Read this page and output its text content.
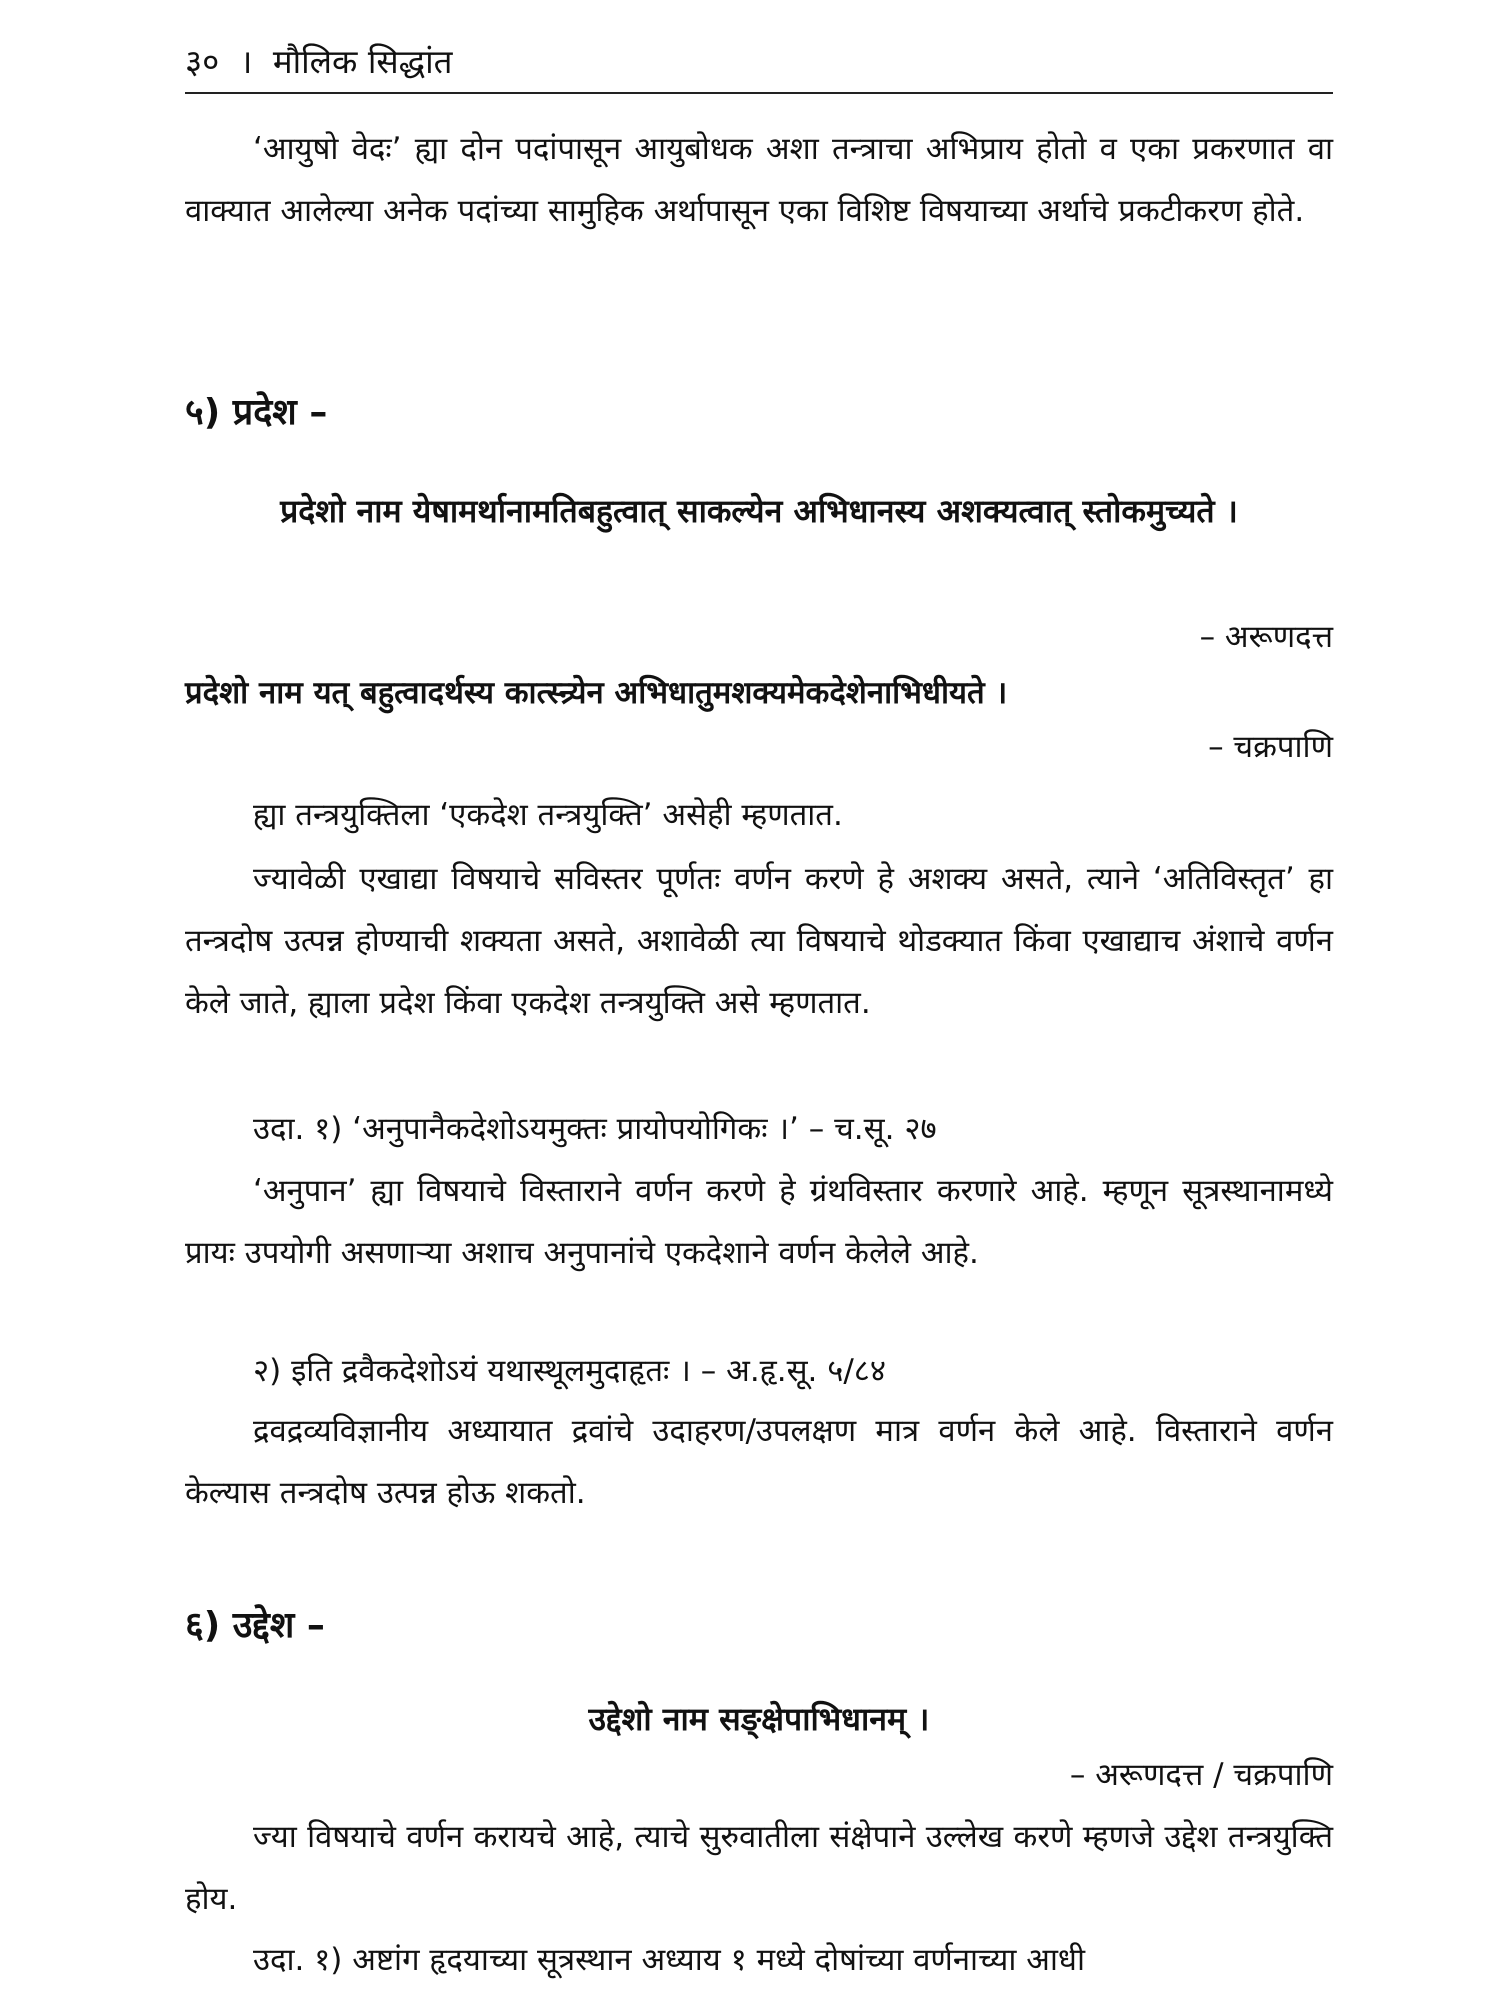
३० । मौलिक सिद्धांत
‘आयुषो वेदः’ ह्या दोन पदांपासून आयुबोधक अशा तन्त्राचा अभिप्राय होतो व एका प्रकरणात वा वाक्यात आलेल्या अनेक पदांच्या सामुहिक अर्थापासून एका विशिष्ट विषयाच्या अर्थाचे प्रकटीकरण होते.
५) प्रदेश –
प्रदेशो नाम येषामर्थानामतिबहुत्वात् साकल्येन अभिधानस्य अशक्यत्वात् स्तोकमुच्यते ।
– अरूणदत्त
प्रदेशो नाम यत् बहुत्वादर्थस्य कात्स्न्र्येन अभिधातुमशक्यमेकदेशेनाभिधीयते ।
– चक्रपाणि
ह्या तन्त्रयुक्तिला ‘एकदेश तन्त्रयुक्ति’ असेही म्हणतात.
ज्यावेळी एखाद्या विषयाचे सविस्तर पूर्णतः वर्णन करणे हे अशक्य असते, त्याने ‘अतिविस्तृत’ हा तन्त्रदोष उत्पन्न होण्याची शक्यता असते, अशावेळी त्या विषयाचे थोडक्यात किंवा एखाद्याच अंशाचे वर्णन केले जाते, ह्याला प्रदेश किंवा एकदेश तन्त्रयुक्ति असे म्हणतात.
उदा. १) ‘अनुपानैकदेशोऽयमुक्तः प्रायोपयोगिकः ।’ – च.सू. २७
‘अनुपान’ ह्या विषयाचे विस्ताराने वर्णन करणे हे ग्रंथविस्तार करणारे आहे. म्हणून सूत्रस्थानामध्ये प्रायः उपयोगी असणाऱ्या अशाच अनुपानांचे एकदेशाने वर्णन केलेले आहे.
२) इति द्रवैकदेशोऽयं यथास्थूलमुदाहृतः । – अ.हृ.सू. ५/८४
द्रवद्रव्यविज्ञानीय अध्यायात द्रवांचे उदाहरण/उपलक्षण मात्र वर्णन केले आहे. विस्ताराने वर्णन केल्यास तन्त्रदोष उत्पन्न होऊ शकतो.
६) उद्देश –
उद्देशो नाम सङ्क्षेपाभिधानम् ।
– अरूणदत्त / चक्रपाणि
ज्या विषयाचे वर्णन करायचे आहे, त्याचे सुरुवातीला संक्षेपाने उल्लेख करणे म्हणजे उद्देश तन्त्रयुक्ति होय.
उदा. १) अष्टांग हृदयाच्या सूत्रस्थान अध्याय १ मध्ये दोषांच्या वर्णनाच्या आधी
